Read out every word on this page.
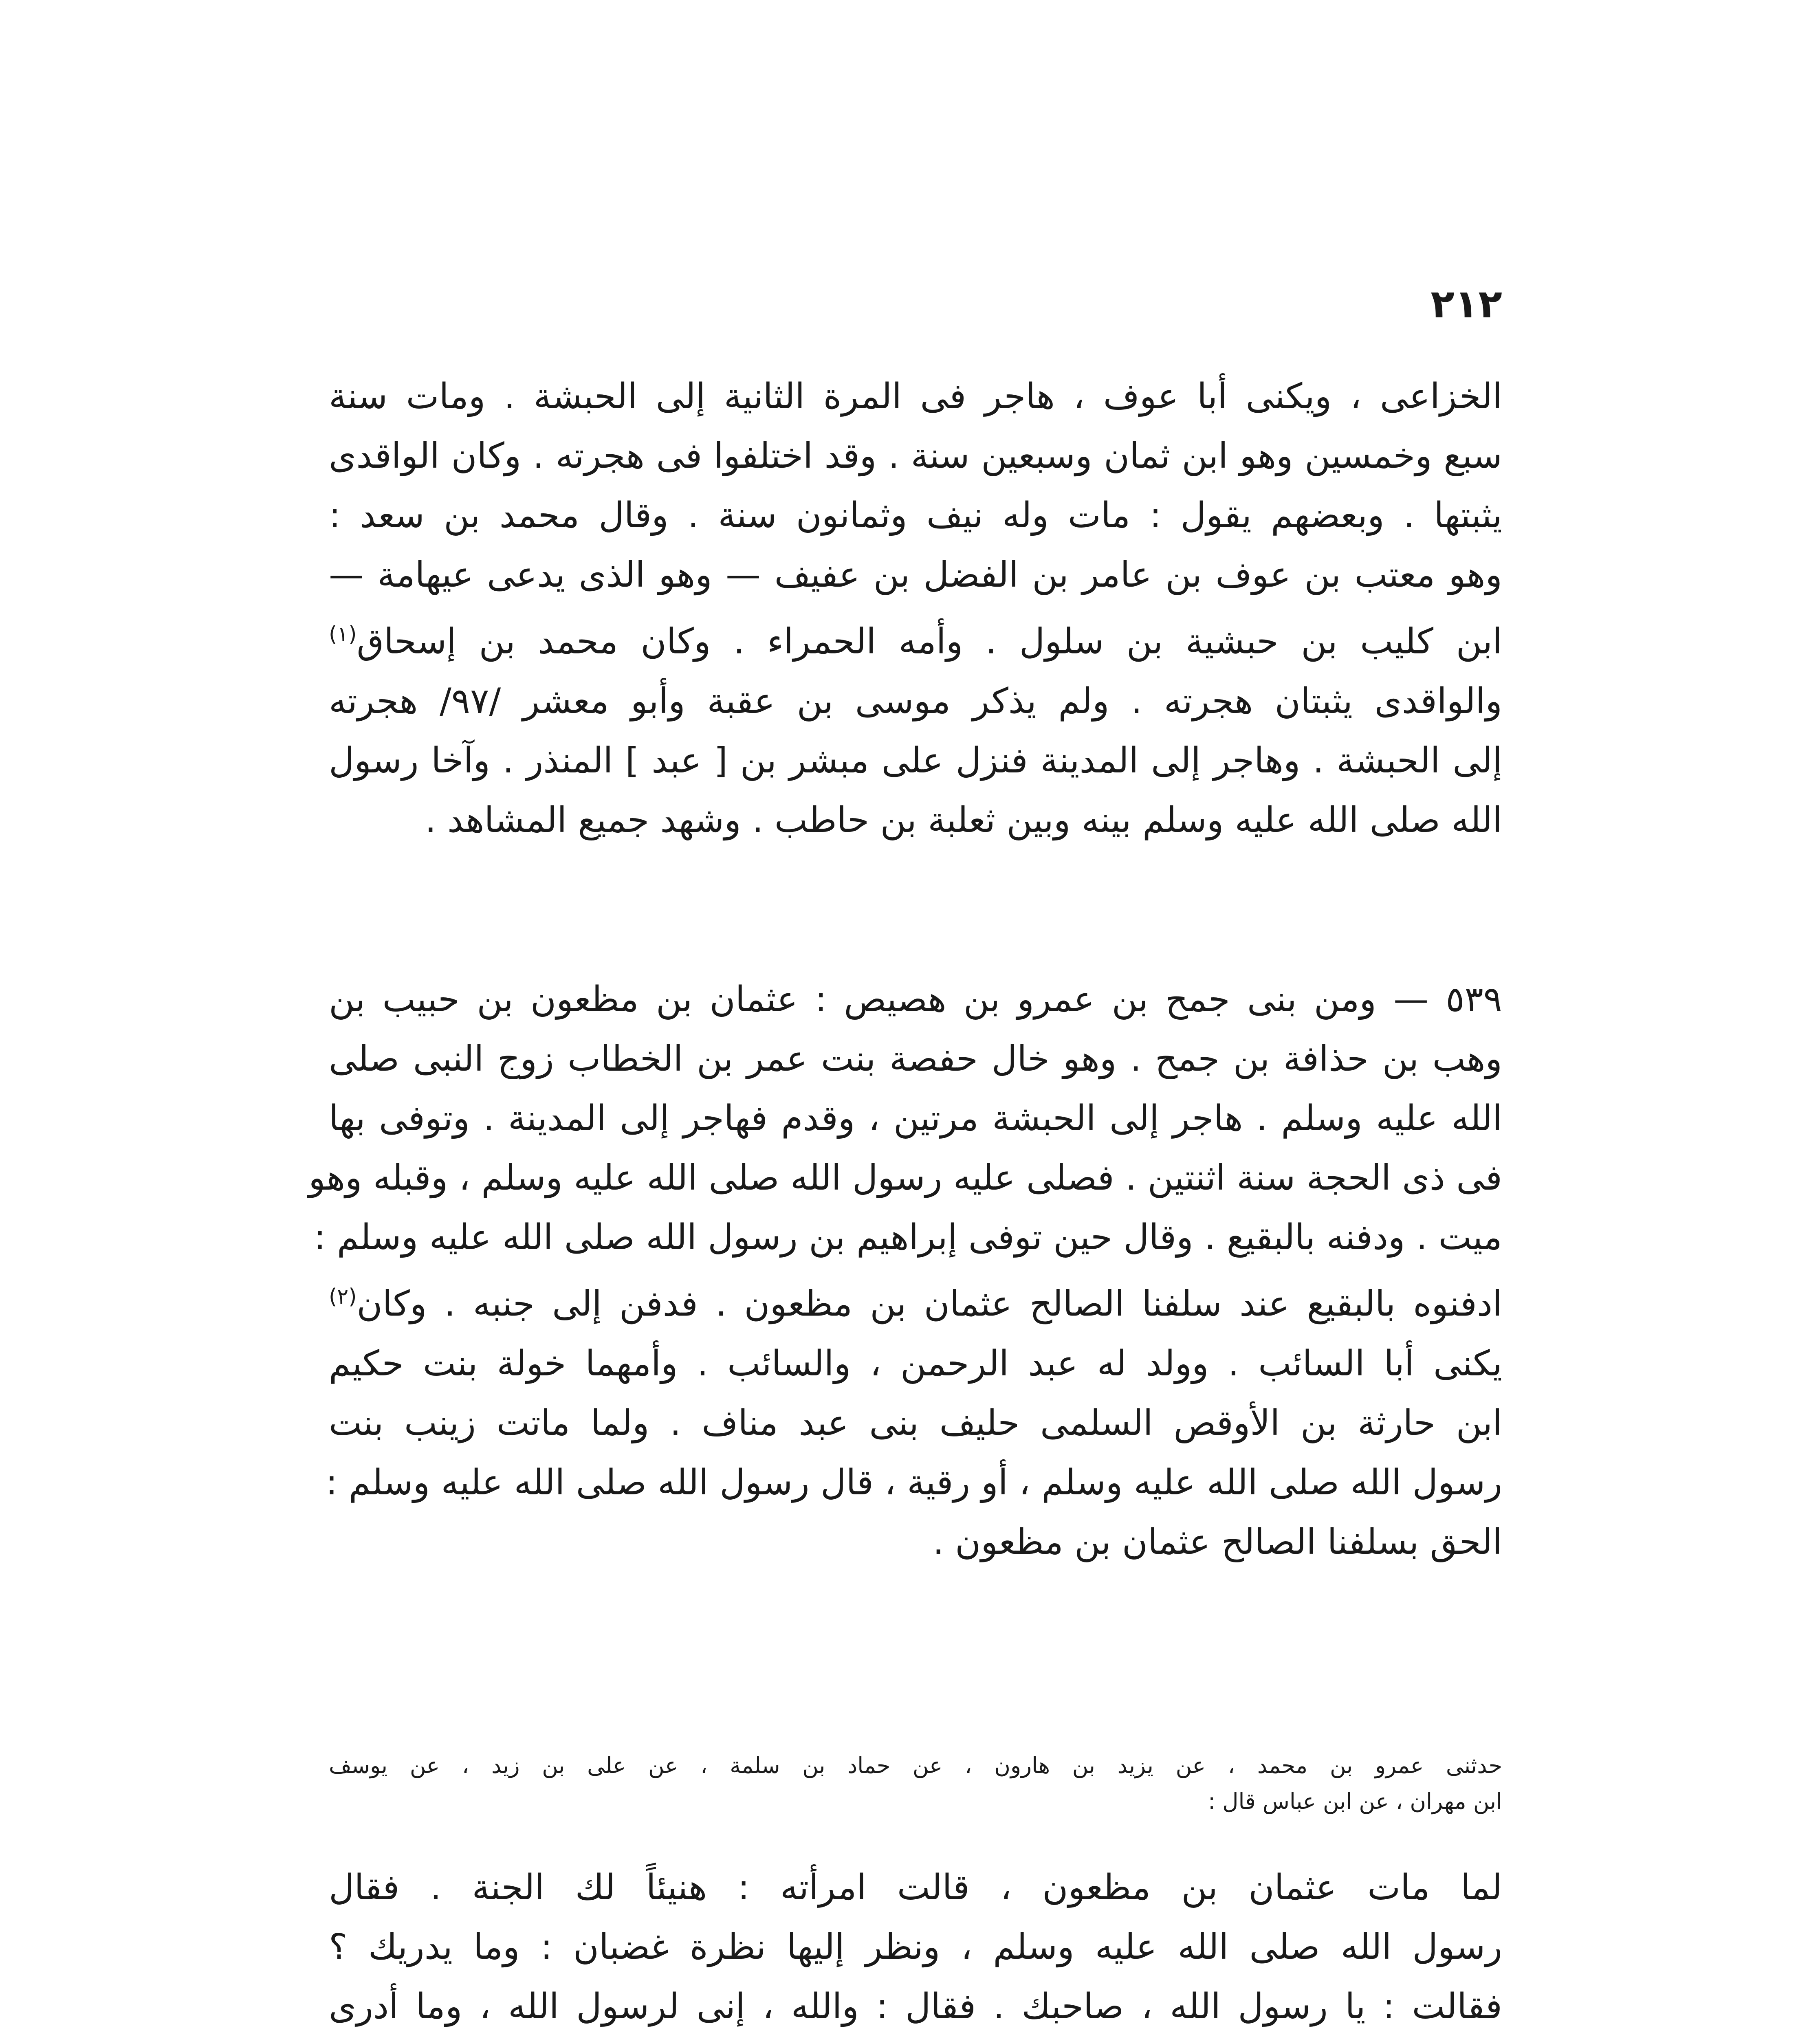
٢١٢
الخزاعى ، ويكنى أبا عوف ، هاجر فى المرة الثانية إلى الحبشة . ومات سنة
سبع وخمسين وهو ابن ثمان وسبعين سنة . وقد اختلفوا فى هجرته . وكان الواقدى
يثبتها . وبعضهم يقول : مات وله نيف وثمانون سنة . وقال محمد بن سعد :
وهو معتب بن عوف بن عامر بن الفضل بن عفيف — وهو الذى يدعى عيهامة —
ابن كليب بن حبشية بن سلول . وأمه الحمراء . وكان محمد بن إسحاق$^{(١)}$
والواقدى يثبتان هجرته . ولم يذكر موسى بن عقبة وأبو معشر /٩٧/ هجرته
إلى الحبشة . وهاجر إلى المدينة فنزل على مبشر بن [ عبد ] المنذر . وآخا رسول
الله صلى الله عليه وسلم بينه وبين ثعلبة بن حاطب . وشهد جميع المشاهد .
٥٣٩ — ومن بنى جمح بن عمرو بن هصيص : عثمان بن مظعون بن حبيب بن
وهب بن حذافة بن جمح . وهو خال حفصة بنت عمر بن الخطاب زوج النبى صلى
الله عليه وسلم . هاجر إلى الحبشة مرتين ، وقدم فهاجر إلى المدينة . وتوفى بها
فى ذى الحجة سنة اثنتين . فصلى عليه رسول الله صلى الله عليه وسلم ، وقبله وهو
ميت . ودفنه بالبقيع . وقال حين توفى إبراهيم بن رسول الله صلى الله عليه وسلم :
ادفنوه بالبقيع عند سلفنا الصالح عثمان بن مظعون . فدفن إلى جنبه . وكان$^{(٢)}$
يكنى أبا السائب . وولد له عبد الرحمن ، والسائب . وأمهما خولة بنت حكيم
ابن حارثة بن الأوقص السلمى حليف بنى عبد مناف . ولما ماتت زينب بنت
رسول الله صلى الله عليه وسلم ، أو رقية ، قال رسول الله صلى الله عليه وسلم :
الحق بسلفنا الصالح عثمان بن مظعون .
حدثنى عمرو بن محمد ، عن يزيد بن هارون ، عن حماد بن سلمة ، عن على بن زيد ، عن يوسف
ابن مهران ، عن ابن عباس قال :
لما مات عثمان بن مظعون ، قالت امرأته : هنيئاً لك الجنة . فقال
رسول الله صلى الله عليه وسلم ، ونظر إليها نظرة غضبان : وما يدريك ؟
فقالت : يا رسول الله ، صاحبك . فقال : والله ، إنى لرسول الله ، وما أدرى
